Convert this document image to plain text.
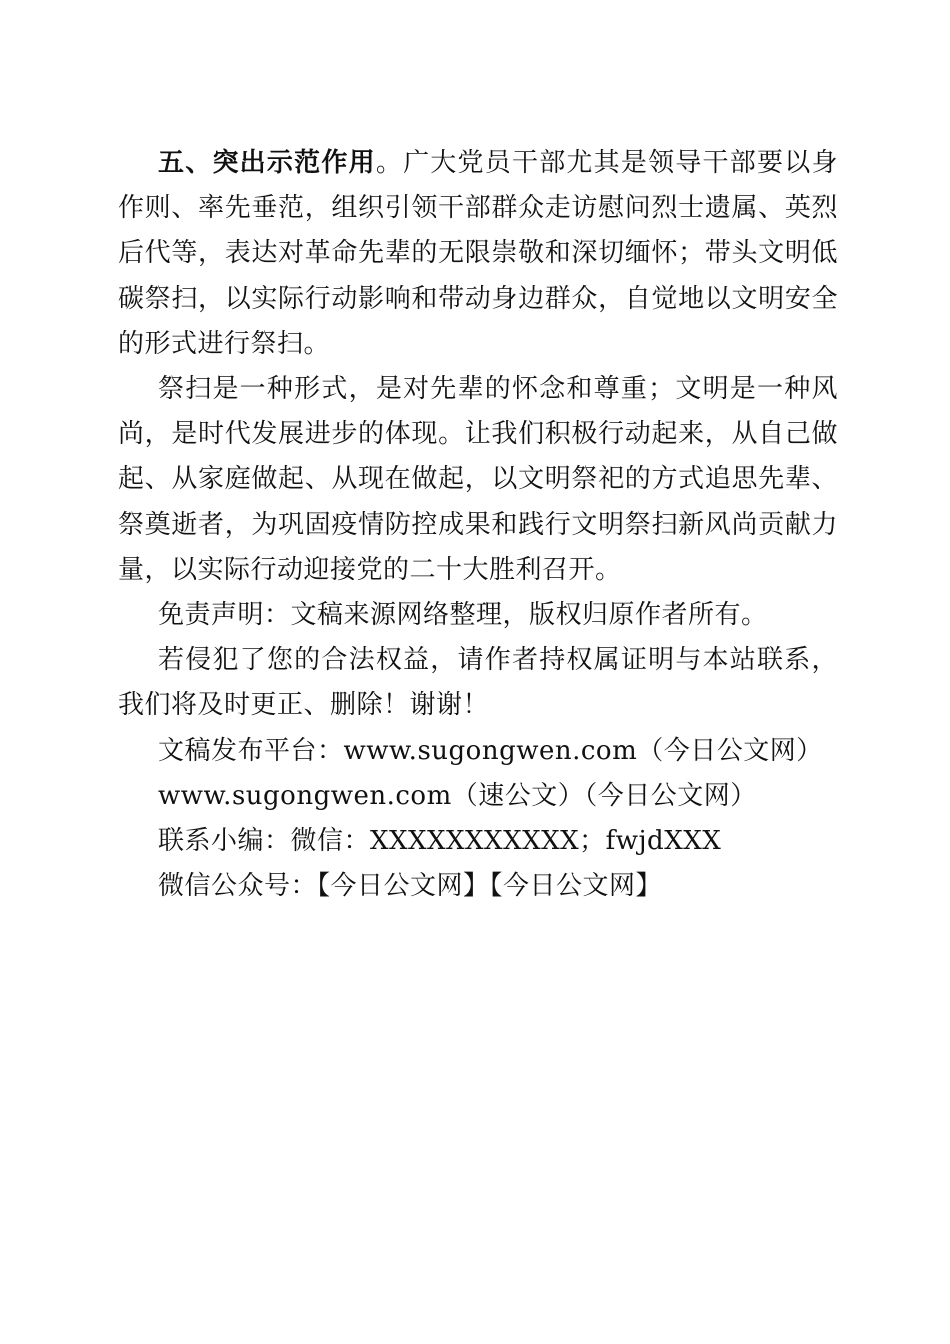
五、突出示范作用。广大党员干部尤其是领导干部要以身作则、率先垂范，组织引领干部群众走访慰问烈士遗属、英烈后代等，表达对革命先辈的无限崇敬和深切缅怀；带头文明低碳祭扫，以实际行动影响和带动身边群众，自觉地以文明安全的形式进行祭扫。

祭扫是一种形式，是对先辈的怀念和尊重；文明是一种风尚，是时代发展进步的体现。让我们积极行动起来，从自己做起、从家庭做起、从现在做起，以文明祭祀的方式追思先辈、祭奠逝者，为巩固疫情防控成果和践行文明祭扫新风尚贡献力量，以实际行动迎接党的二十大胜利召开。

免责声明：文稿来源网络整理，版权归原作者所有。

若侵犯了您的合法权益，请作者持权属证明与本站联系，我们将及时更正、删除！谢谢！

文稿发布平台：www.sugongwen.com（今日公文网）

www.sugongwen.com（速公文）（今日公文网）

联系小编：微信：XXXXXXXXXXX；fwjdXXX

微信公众号：【今日公文网】【今日公文网】
